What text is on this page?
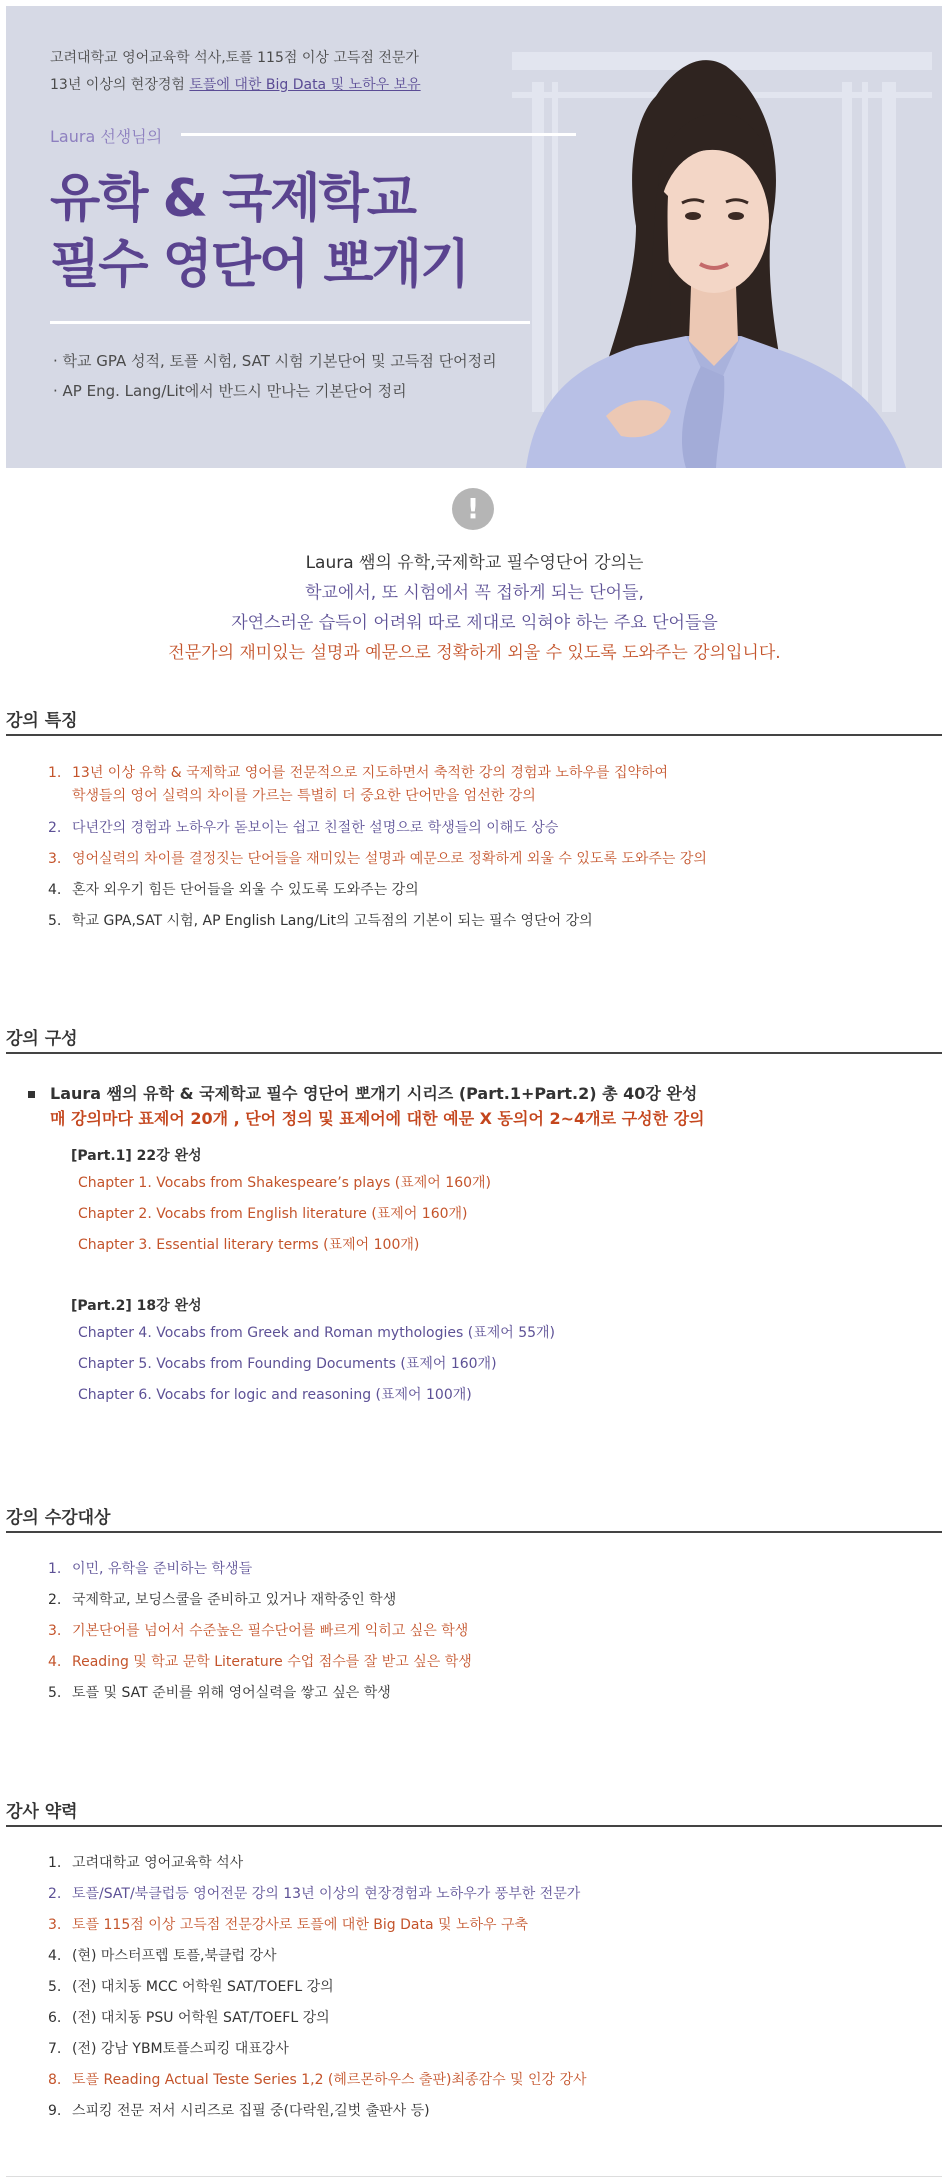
고려대학교 영어교육학 석사,토플 115점 이상 고득점 전문가
13년 이상의 현장경험 토플에 대한 Big Data 및 노하우 보유
Laura 선생님의
유학 & 국제학교
필수 영단어 뽀개기
· 학교 GPA 성적, 토플 시험, SAT 시험 기본단어 및 고득점 단어정리
· AP Eng. Lang/Lit에서 반드시 만나는 기본단어 정리
!
Laura 쌤의 유학,국제학교 필수영단어 강의는
학교에서, 또 시험에서 꼭 접하게 되는 단어들,
자연스러운 습득이 어려워 따로 제대로 익혀야 하는 주요 단어들을
전문가의 재미있는 설명과 예문으로 정확하게 외울 수 있도록 도와주는 강의입니다.
강의 특징
1. 13년 이상 유학 & 국제학교 영어를 전문적으로 지도하면서 축적한 강의 경험과 노하우를 집약하여
학생들의 영어 실력의 차이를 가르는 특별히 더 중요한 단어만을 엄선한 강의
2. 다년간의 경험과 노하우가 돋보이는 쉽고 친절한 설명으로 학생들의 이해도 상승
3. 영어실력의 차이를 결정짓는 단어들을 재미있는 설명과 예문으로 정확하게 외울 수 있도록 도와주는 강의
4. 혼자 외우기 힘든 단어들을 외울 수 있도록 도와주는 강의
5. 학교 GPA,SAT 시험, AP English Lang/Lit의 고득점의 기본이 되는 필수 영단어 강의
강의 구성
Laura 쌤의 유학 & 국제학교 필수 영단어 뽀개기 시리즈 (Part.1+Part.2) 총 40강 완성
매 강의마다 표제어 20개 , 단어 정의 및 표제어에 대한 예문 X 동의어 2~4개로 구성한 강의
[Part.1] 22강 완성
Chapter 1. Vocabs from Shakespeare’s plays (표제어 160개)
Chapter 2. Vocabs from English literature (표제어 160개)
Chapter 3. Essential literary terms (표제어 100개)
[Part.2] 18강 완성
Chapter 4. Vocabs from Greek and Roman mythologies (표제어 55개)
Chapter 5. Vocabs from Founding Documents (표제어 160개)
Chapter 6. Vocabs for logic and reasoning (표제어 100개)
강의 수강대상
1. 이민, 유학을 준비하는 학생들
2. 국제학교, 보딩스쿨을 준비하고 있거나 재학중인 학생
3. 기본단어를 넘어서 수준높은 필수단어를 빠르게 익히고 싶은 학생
4. Reading 및 학교 문학 Literature 수업 점수를 잘 받고 싶은 학생
5. 토플 및 SAT 준비를 위해 영어실력을 쌓고 싶은 학생
강사 약력
1. 고려대학교 영어교육학 석사
2. 토플/SAT/북클럽등 영어전문 강의 13년 이상의 현장경험과 노하우가 풍부한 전문가
3. 토플 115점 이상 고득점 전문강사로 토플에 대한 Big Data 및 노하우 구축
4. (현) 마스터프렙 토플,북클럽 강사
5. (전) 대치동 MCC 어학원 SAT/TOEFL 강의
6. (전) 대치동 PSU 어학원 SAT/TOEFL 강의
7. (전) 강남 YBM토플스피킹 대표강사
8. 토플 Reading Actual Teste Series 1,2 (헤르몬하우스 출판)최종감수 및 인강 강사
9. 스피킹 전문 저서 시리즈로 집필 중(다락원,길벗 출판사 등)
